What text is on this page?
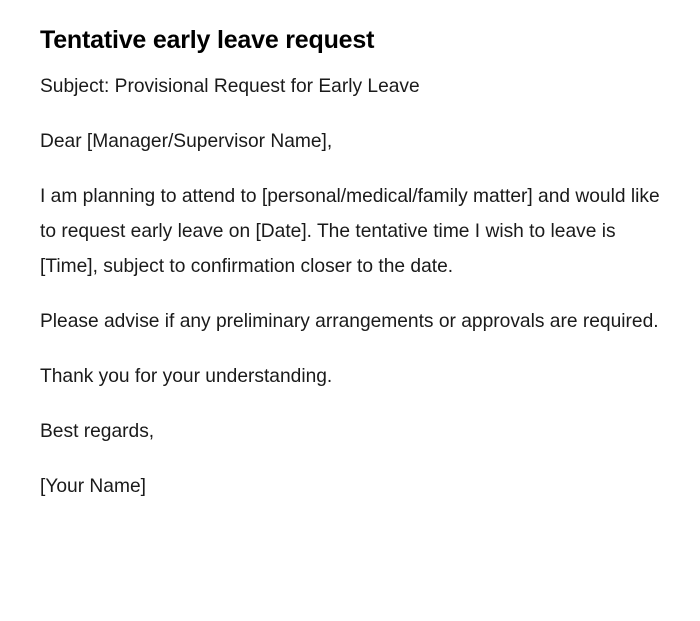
Tentative early leave request

Subject: Provisional Request for Early Leave

Dear [Manager/Supervisor Name],

I am planning to attend to [personal/medical/family matter] and would like to request early leave on [Date]. The tentative time I wish to leave is [Time], subject to confirmation closer to the date.

Please advise if any preliminary arrangements or approvals are required.

Thank you for your understanding.

Best regards,

[Your Name]
